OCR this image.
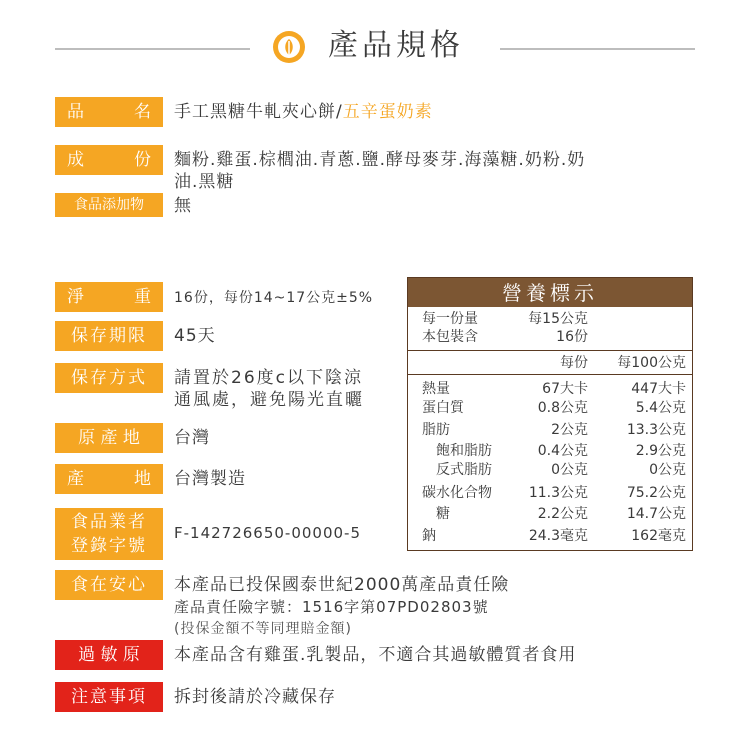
產品規格
品	名 手工黑糖牛軋夾心餅/五辛蛋奶素
成	份 麵粉.雞蛋.棕櫚油.青蔥.鹽.酵母麥芽.海藻糖.奶粉.奶
油.黑糖
食品添加物 無
淨	重 16份，每份14~17公克±5%
保存期限 45天
保存方式 請置於26度c以下陰涼
通風處，避免陽光直曬
原 產 地 台灣
產	地 台灣製造
食品業者
登錄字號
F-142726650-00000-5
食在安心 本產品已投保國泰世紀2000萬產品責任險
產品責任險字號：1516字第07PD02803號
(投保金額不等同理賠金額)
過 敏 原 本產品含有雞蛋.乳製品，不適合其過敏體質者食用
注意事項 拆封後請於冷藏保存
營養標示
每一份量	每15公克
本包裝含	16份
每份 每100公克
熱量	67大卡	447大卡
蛋白質	0.8公克	5.4公克
脂肪	2公克	13.3公克
飽和脂肪	0.4公克	2.9公克
反式脂肪	0公克	0公克
碳水化合物	11.3公克	75.2公克
糖	2.2公克	14.7公克
鈉	24.3毫克	162毫克
